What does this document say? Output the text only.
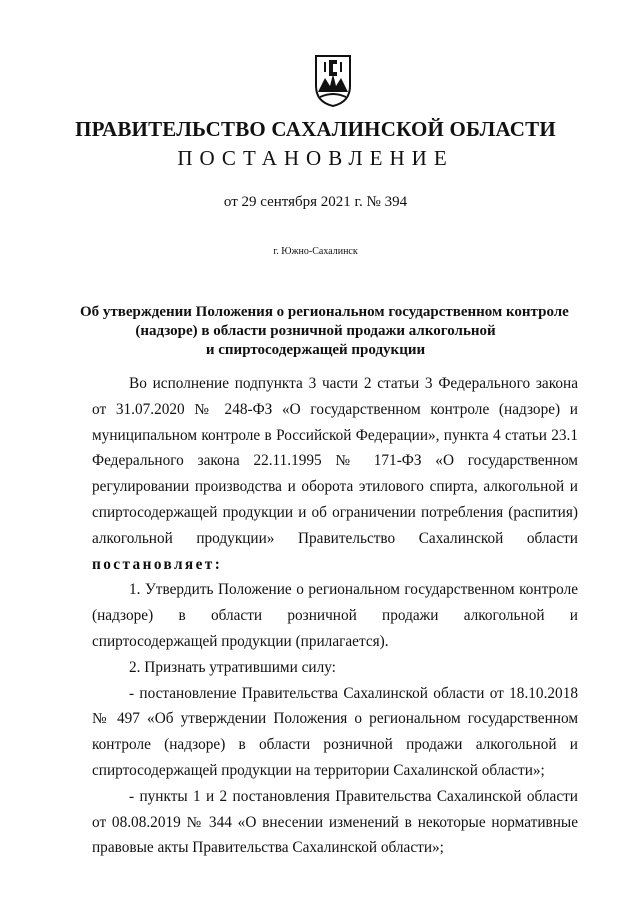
ПРАВИТЕЛЬСТВО САХАЛИНСКОЙ ОБЛАСТИ
ПОСТАНОВЛЕНИЕ
от 29 сентября 2021 г. № 394
г. Южно-Сахалинск
Об утверждении Положения о региональном государственном контроле
(надзоре) в области розничной продажи алкогольной
и спиртосодержащей продукции

Во исполнение подпункта 3 части 2 статьи 3 Федерального закона от 31.07.2020 № 248-ФЗ «О государственном контроле (надзоре) и муниципальном контроле в Российской Федерации», пункта 4 статьи 23.1 Федерального закона 22.11.1995 № 171-ФЗ «О государственном регулировании производства и оборота этилового спирта, алкогольной и спиртосодержащей продукции и об ограничении потребления (распития) алкогольной продукции» Правительство Сахалинской области постановляет:

1. Утвердить Положение о региональном государственном контроле (надзоре) в области розничной продажи алкогольной и спиртосодержащей продукции (прилагается).

2. Признать утратившими силу:

- постановление Правительства Сахалинской области от 18.10.2018 № 497 «Об утверждении Положения о региональном государственном контроле (надзоре) в области розничной продажи алкогольной и спиртосодержащей продукции на территории Сахалинской области»;

- пункты 1 и 2 постановления Правительства Сахалинской области от 08.08.2019 № 344 «О внесении изменений в некоторые нормативные правовые акты Правительства Сахалинской области»;
